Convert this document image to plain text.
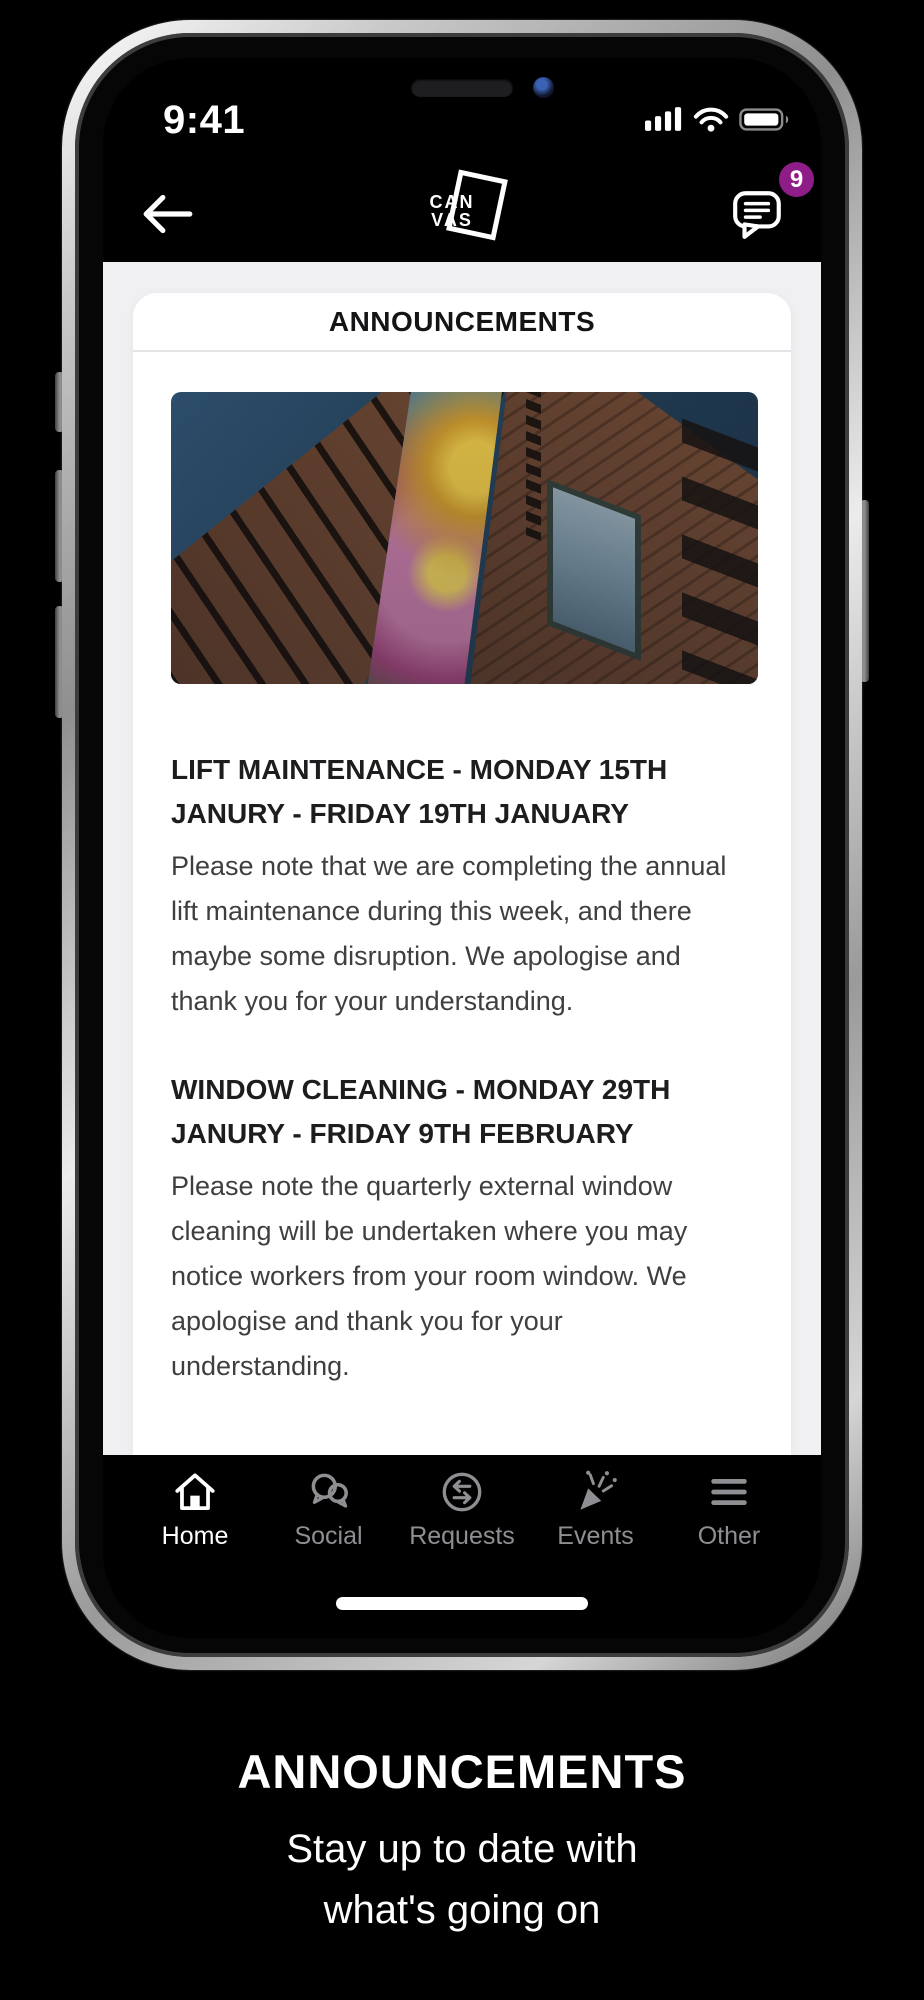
9:41
CAN
VAS
9
ANNOUNCEMENTS

LIFT MAINTENANCE - MONDAY 15TH JANURY - FRIDAY 19TH JANUARY

Please note that we are completing the annual lift maintenance during this week, and there maybe some disruption. We apologise and thank you for your understanding.

WINDOW CLEANING - MONDAY 29TH JANURY - FRIDAY 9TH FEBRUARY

Please note the quarterly external window cleaning will be undertaken where you may notice workers from your room window. We apologise and thank you for your understanding.

Home	Social Requests Events	Other
ANNOUNCEMENTS

Stay up to date with what's going on
